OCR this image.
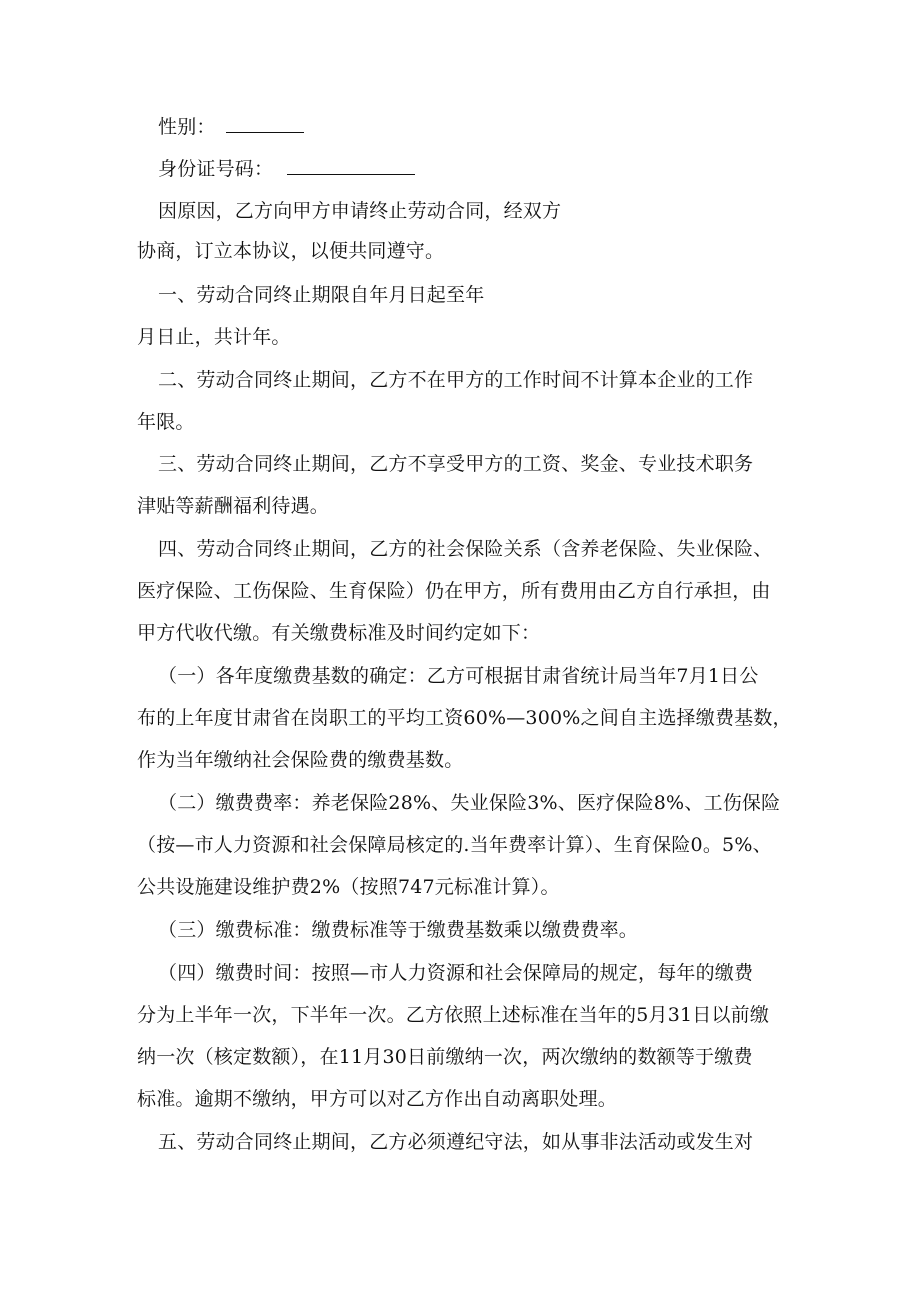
性别：
身份证号码：
因原因，乙方向甲方申请终止劳动合同，经双方
协商，订立本协议，以便共同遵守。
一、劳动合同终止期限自年月日起至年
月日止，共计年。
二、劳动合同终止期间，乙方不在甲方的工作时间不计算本企业的工作
年限。
三、劳动合同终止期间，乙方不享受甲方的工资、奖金、专业技术职务
津贴等薪酬福利待遇。
四、劳动合同终止期间，乙方的社会保险关系（含养老保险、失业保险、
医疗保险、工伤保险、生育保险）仍在甲方，所有费用由乙方自行承担，由
甲方代收代缴。有关缴费标准及时间约定如下：
（一）各年度缴费基数的确定：乙方可根据甘肃省统计局当年7月1日公
布的上年度甘肃省在岗职工的平均工资60%—300%之间自主选择缴费基数，
作为当年缴纳社会保险费的缴费基数。
（二）缴费费率：养老保险28%、失业保险3%、医疗保险8%、工伤保险
（按—市人力资源和社会保障局核定的.当年费率计算）、生育保险0。5%、
公共设施建设维护费2%（按照747元标准计算）。
（三）缴费标准：缴费标准等于缴费基数乘以缴费费率。
（四）缴费时间：按照—市人力资源和社会保障局的规定，每年的缴费
分为上半年一次，下半年一次。乙方依照上述标准在当年的5月31日以前缴
纳一次（核定数额），在11月30日前缴纳一次，两次缴纳的数额等于缴费
标准。逾期不缴纳，甲方可以对乙方作出自动离职处理。
五、劳动合同终止期间，乙方必须遵纪守法，如从事非法活动或发生对
